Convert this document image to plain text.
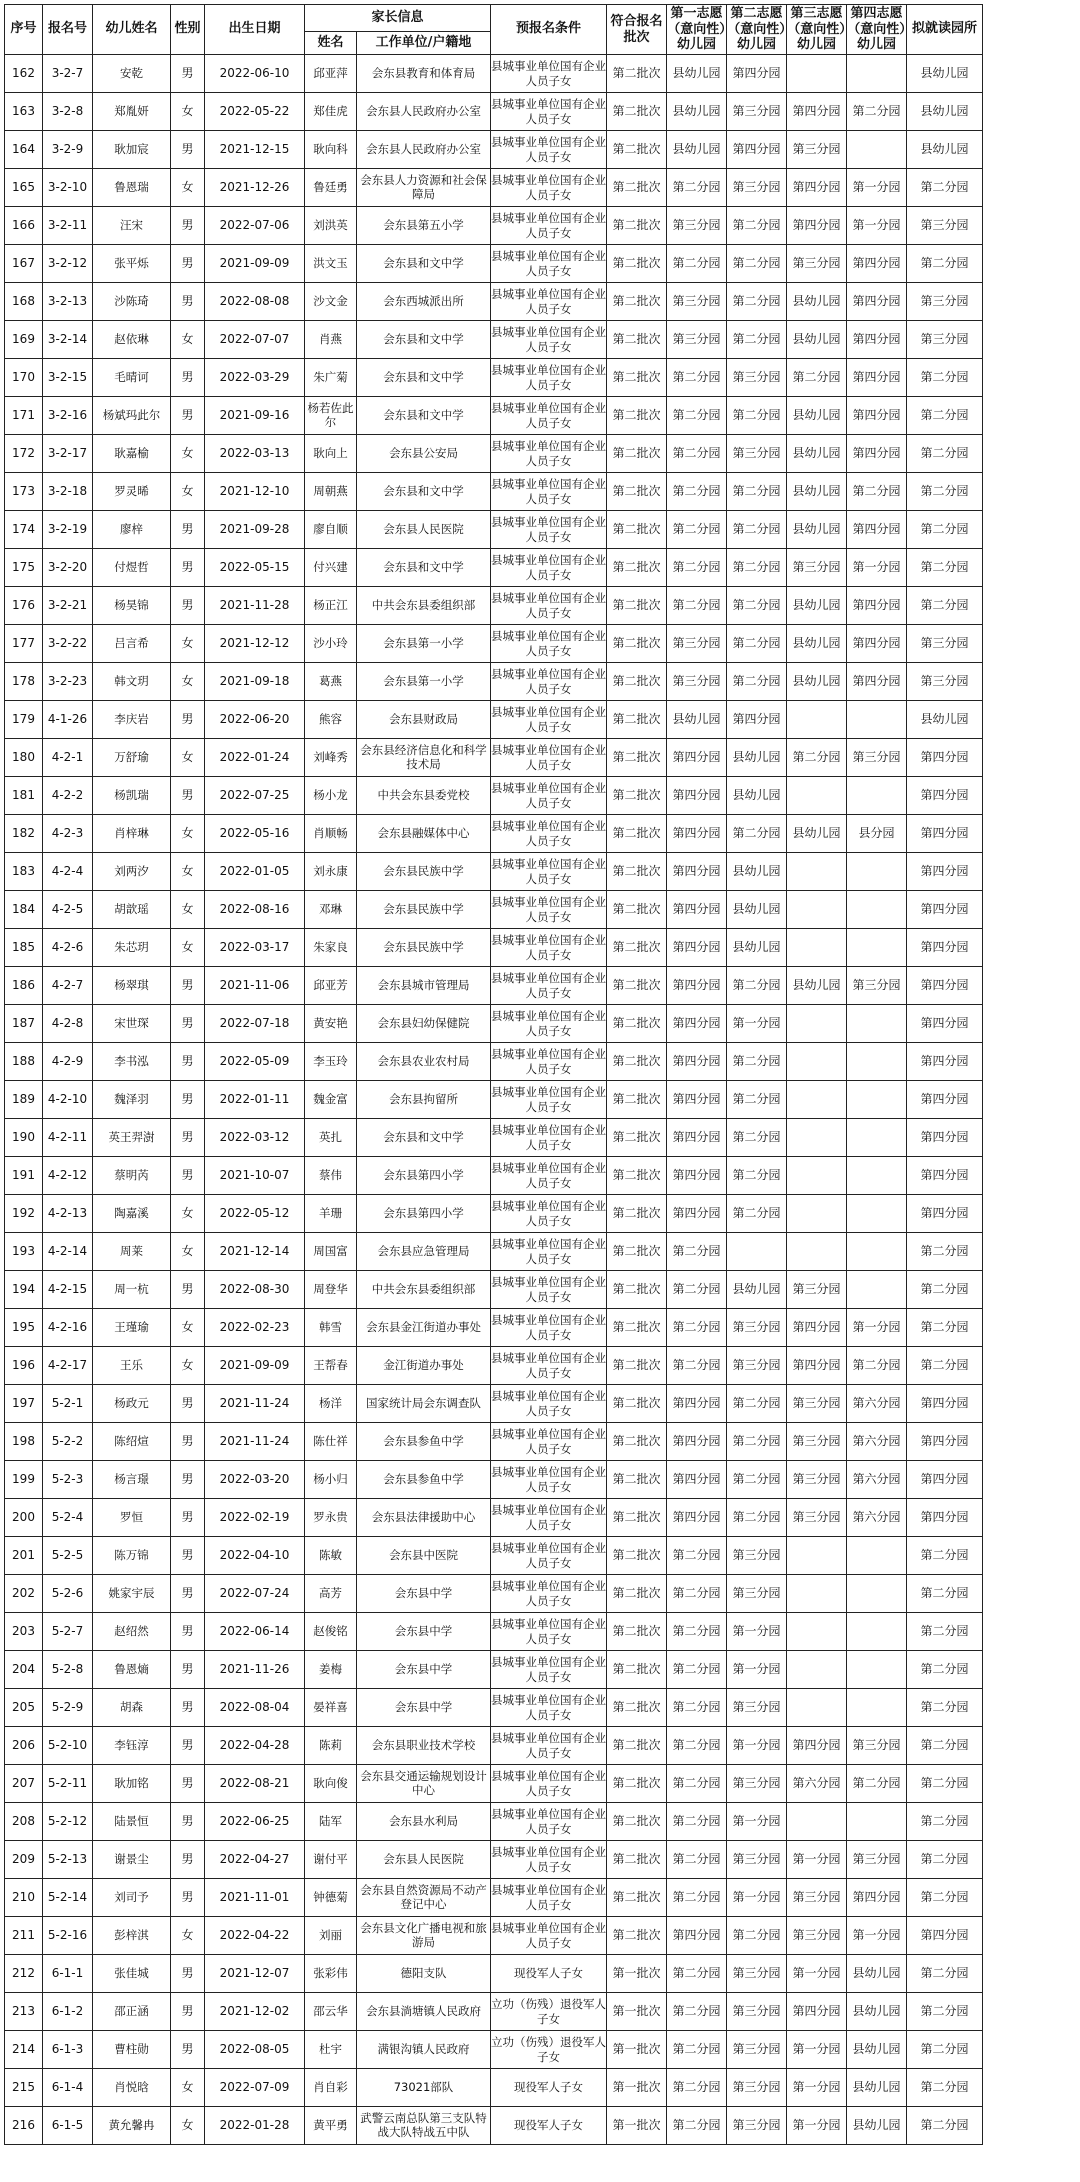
序号	报名号	幼儿姓名	性别	出生日期	家长信息		预报名条件	符合报名批次	第一志愿（意向性）幼儿园	第二志愿（意向性）幼儿园	第三志愿（意向性）幼儿园	第四志愿（意向性）幼儿园	拟就读园所
					姓名	工作单位/户籍地							
162	3-2-7	安乾	男	2022-06-10	邱亚萍	会东县教育和体育局	县城事业单位国有企业人员子女	第二批次	县幼儿园	第四分园			县幼儿园
163	3-2-8	郑胤妍	女	2022-05-22	郑佳虎	会东县人民政府办公室	县城事业单位国有企业人员子女	第二批次	县幼儿园	第三分园	第四分园	第二分园	县幼儿园
164	3-2-9	耿加宸	男	2021-12-15	耿向科	会东县人民政府办公室	县城事业单位国有企业人员子女	第二批次	县幼儿园	第四分园	第三分园		县幼儿园
165	3-2-10	鲁恩瑞	女	2021-12-26	鲁廷勇	会东县人力资源和社会保障局	县城事业单位国有企业人员子女	第二批次	第二分园	第三分园	第四分园	第一分园	第二分园
166	3-2-11	汪宋	男	2022-07-06	刘洪英	会东县第五小学	县城事业单位国有企业人员子女	第二批次	第三分园	第二分园	第四分园	第一分园	第三分园
167	3-2-12	张平烁	男	2021-09-09	洪文玉	会东县和文中学	县城事业单位国有企业人员子女	第二批次	第二分园	第二分园	第三分园	第四分园	第二分园
168	3-2-13	沙陈琦	男	2022-08-08	沙文金	会东西城派出所	县城事业单位国有企业人员子女	第二批次	第三分园	第二分园	县幼儿园	第四分园	第三分园
169	3-2-14	赵依琳	女	2022-07-07	肖燕	会东县和文中学	县城事业单位国有企业人员子女	第二批次	第三分园	第二分园	县幼儿园	第四分园	第三分园
170	3-2-15	毛晴诃	男	2022-03-29	朱广菊	会东县和文中学	县城事业单位国有企业人员子女	第二批次	第二分园	第三分园	第二分园	第四分园	第二分园
171	3-2-16	杨斌玛此尔	男	2021-09-16	杨若佐此尔	会东县和文中学	县城事业单位国有企业人员子女	第二批次	第二分园	第二分园	县幼儿园	第四分园	第二分园
172	3-2-17	耿嘉榆	女	2022-03-13	耿向上	会东县公安局	县城事业单位国有企业人员子女	第二批次	第二分园	第三分园	县幼儿园	第四分园	第二分园
173	3-2-18	罗灵晞	女	2021-12-10	周朝燕	会东县和文中学	县城事业单位国有企业人员子女	第二批次	第二分园	第二分园	县幼儿园	第二分园	第二分园
174	3-2-19	廖梓	男	2021-09-28	廖自顺	会东县人民医院	县城事业单位国有企业人员子女	第二批次	第二分园	第二分园	县幼儿园	第四分园	第二分园
175	3-2-20	付煜哲	男	2022-05-15	付兴建	会东县和文中学	县城事业单位国有企业人员子女	第二批次	第二分园	第二分园	第三分园	第一分园	第二分园
176	3-2-21	杨昊锦	男	2021-11-28	杨正江	中共会东县委组织部	县城事业单位国有企业人员子女	第二批次	第二分园	第二分园	县幼儿园	第四分园	第二分园
177	3-2-22	吕言希	女	2021-12-12	沙小玲	会东县第一小学	县城事业单位国有企业人员子女	第二批次	第三分园	第二分园	县幼儿园	第四分园	第三分园
178	3-2-23	韩文玥	女	2021-09-18	葛燕	会东县第一小学	县城事业单位国有企业人员子女	第二批次	第三分园	第二分园	县幼儿园	第四分园	第三分园
179	4-1-26	李庆岩	男	2022-06-20	熊容	会东县财政局	县城事业单位国有企业人员子女	第二批次	县幼儿园	第四分园			县幼儿园
180	4-2-1	万舒瑜	女	2022-01-24	刘峰秀	会东县经济信息化和科学技术局	县城事业单位国有企业人员子女	第二批次	第四分园	县幼儿园	第二分园	第三分园	第四分园
181	4-2-2	杨凯瑞	男	2022-07-25	杨小龙	中共会东县委党校	县城事业单位国有企业人员子女	第二批次	第四分园	县幼儿园			第四分园
182	4-2-3	肖梓琳	女	2022-05-16	肖顺畅	会东县融媒体中心	县城事业单位国有企业人员子女	第二批次	第四分园	第二分园	县幼儿园	县分园	第四分园
183	4-2-4	刘两汐	女	2022-01-05	刘永康	会东县民族中学	县城事业单位国有企业人员子女	第二批次	第四分园	县幼儿园			第四分园
184	4-2-5	胡歆瑶	女	2022-08-16	邓琳	会东县民族中学	县城事业单位国有企业人员子女	第二批次	第四分园	县幼儿园			第四分园
185	4-2-6	朱芯玥	女	2022-03-17	朱家良	会东县民族中学	县城事业单位国有企业人员子女	第二批次	第四分园	县幼儿园			第四分园
186	4-2-7	杨翠琪	男	2021-11-06	邱亚芳	会东县城市管理局	县城事业单位国有企业人员子女	第二批次	第四分园	第二分园	县幼儿园	第三分园	第四分园
187	4-2-8	宋世琛	男	2022-07-18	黄安艳	会东县妇幼保健院	县城事业单位国有企业人员子女	第二批次	第四分园	第一分园			第四分园
188	4-2-9	李书泓	男	2022-05-09	李玉玲	会东县农业农村局	县城事业单位国有企业人员子女	第二批次	第四分园	第二分园			第四分园
189	4-2-10	魏泽羽	男	2022-01-11	魏金富	会东县拘留所	县城事业单位国有企业人员子女	第二批次	第四分园	第二分园			第四分园
190	4-2-11	英王羿澍	男	2022-03-12	英扎	会东县和文中学	县城事业单位国有企业人员子女	第二批次	第四分园	第二分园			第四分园
191	4-2-12	蔡明芮	男	2021-10-07	蔡伟	会东县第四小学	县城事业单位国有企业人员子女	第二批次	第四分园	第二分园			第四分园
192	4-2-13	陶嘉溪	女	2022-05-12	羊珊	会东县第四小学	县城事业单位国有企业人员子女	第二批次	第四分园	第二分园			第四分园
193	4-2-14	周莱	女	2021-12-14	周国富	会东县应急管理局	县城事业单位国有企业人员子女	第二批次	第二分园				第二分园
194	4-2-15	周一杭	男	2022-08-30	周登华	中共会东县委组织部	县城事业单位国有企业人员子女	第二批次	第二分园	县幼儿园	第三分园		第二分园
195	4-2-16	王瑾瑜	女	2022-02-23	韩雪	会东县金江街道办事处	县城事业单位国有企业人员子女	第二批次	第二分园	第三分园	第四分园	第一分园	第二分园
196	4-2-17	王乐	女	2021-09-09	王帮春	金江街道办事处	县城事业单位国有企业人员子女	第二批次	第二分园	第三分园	第四分园	第二分园	第二分园
197	5-2-1	杨政元	男	2021-11-24	杨洋	国家统计局会东调查队	县城事业单位国有企业人员子女	第二批次	第四分园	第二分园	第三分园	第六分园	第四分园
198	5-2-2	陈绍煊	男	2021-11-24	陈仕祥	会东县参鱼中学	县城事业单位国有企业人员子女	第二批次	第四分园	第二分园	第三分园	第六分园	第四分园
199	5-2-3	杨言璟	男	2022-03-20	杨小归	会东县参鱼中学	县城事业单位国有企业人员子女	第二批次	第四分园	第二分园	第三分园	第六分园	第四分园
200	5-2-4	罗恒	男	2022-02-19	罗永贵	会东县法律援助中心	县城事业单位国有企业人员子女	第二批次	第四分园	第二分园	第三分园	第六分园	第四分园
201	5-2-5	陈万锦	男	2022-04-10	陈敏	会东县中医院	县城事业单位国有企业人员子女	第二批次	第二分园	第三分园			第二分园
202	5-2-6	姚家宇辰	男	2022-07-24	高芳	会东县中学	县城事业单位国有企业人员子女	第二批次	第二分园	第三分园			第二分园
203	5-2-7	赵绍然	男	2022-06-14	赵俊铭	会东县中学	县城事业单位国有企业人员子女	第二批次	第二分园	第一分园			第二分园
204	5-2-8	鲁恩熵	男	2021-11-26	姜梅	会东县中学	县城事业单位国有企业人员子女	第二批次	第二分园	第一分园			第二分园
205	5-2-9	胡森	男	2022-08-04	晏祥喜	会东县中学	县城事业单位国有企业人员子女	第二批次	第二分园	第三分园			第二分园
206	5-2-10	李钰淳	男	2022-04-28	陈莉	会东县职业技术学校	县城事业单位国有企业人员子女	第二批次	第二分园	第一分园	第四分园	第三分园	第二分园
207	5-2-11	耿加铭	男	2022-08-21	耿向俊	会东县交通运输规划设计中心	县城事业单位国有企业人员子女	第二批次	第二分园	第三分园	第六分园	第二分园	第二分园
208	5-2-12	陆景恒	男	2022-06-25	陆军	会东县水利局	县城事业单位国有企业人员子女	第二批次	第二分园	第一分园			第二分园
209	5-2-13	谢景尘	男	2022-04-27	谢付平	会东县人民医院	县城事业单位国有企业人员子女	第二批次	第二分园	第三分园	第一分园	第三分园	第二分园
210	5-2-14	刘司予	男	2021-11-01	钟德菊	会东县自然资源局不动产登记中心	县城事业单位国有企业人员子女	第二批次	第二分园	第一分园	第三分园	第四分园	第二分园
211	5-2-16	彭梓淇	女	2022-04-22	刘丽	会东县文化广播电视和旅游局	县城事业单位国有企业人员子女	第二批次	第四分园	第二分园	第三分园	第一分园	第四分园
212	6-1-1	张佳城	男	2021-12-07	张彩伟	德阳支队	现役军人子女	第一批次	第二分园	第三分园	第一分园	县幼儿园	第二分园
213	6-1-2	邵正涵	男	2021-12-02	邵云华	会东县淌塘镇人民政府	立功（伤残）退役军人子女	第一批次	第二分园	第三分园	第四分园	县幼儿园	第二分园
214	6-1-3	曹柱勋	男	2022-08-05	杜宇	满银沟镇人民政府	立功（伤残）退役军人子女	第一批次	第二分园	第三分园	第一分园	县幼儿园	第二分园
215	6-1-4	肖悦晗	女	2022-07-09	肖自彩	73021部队	现役军人子女	第一批次	第二分园	第三分园	第一分园	县幼儿园	第二分园
216	6-1-5	黄允馨冉	女	2022-01-28	黄平勇	武警云南总队第三支队特战大队特战五中队	现役军人子女	第一批次	第二分园	第三分园	第一分园	县幼儿园	第二分园
